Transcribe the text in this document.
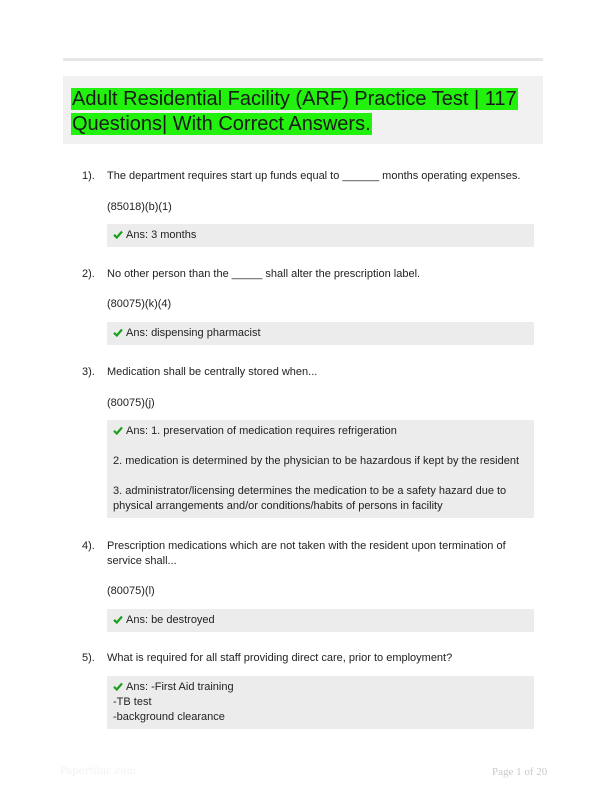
Adult Residential Facility (ARF) Practice Test | 117 Questions| With Correct Answers.
1). The department requires start up funds equal to ______ months operating expenses.
(85018)(b)(1)

Ans: 3 months

2). No other person than the _____ shall alter the prescription label.
(80075)(k)(4)

Ans: dispensing pharmacist

3). Medication shall be centrally stored when...
(80075)(j)

Ans: 1. preservation of medication requires refrigeration

2. medication is determined by the physician to be hazardous if kept by the resident

3. administrator/licensing determines the medication to be a safety hazard due to physical arrangements and/or conditions/habits of persons in facility

4). Prescription medications which are not taken with the resident upon termination of service shall...
(80075)(l)

Ans: be destroyed

5). What is required for all staff providing direct care, prior to employment?

Ans: -First Aid training

-TB test

-background clearance

Papertibic.com	Page 1 of 20
